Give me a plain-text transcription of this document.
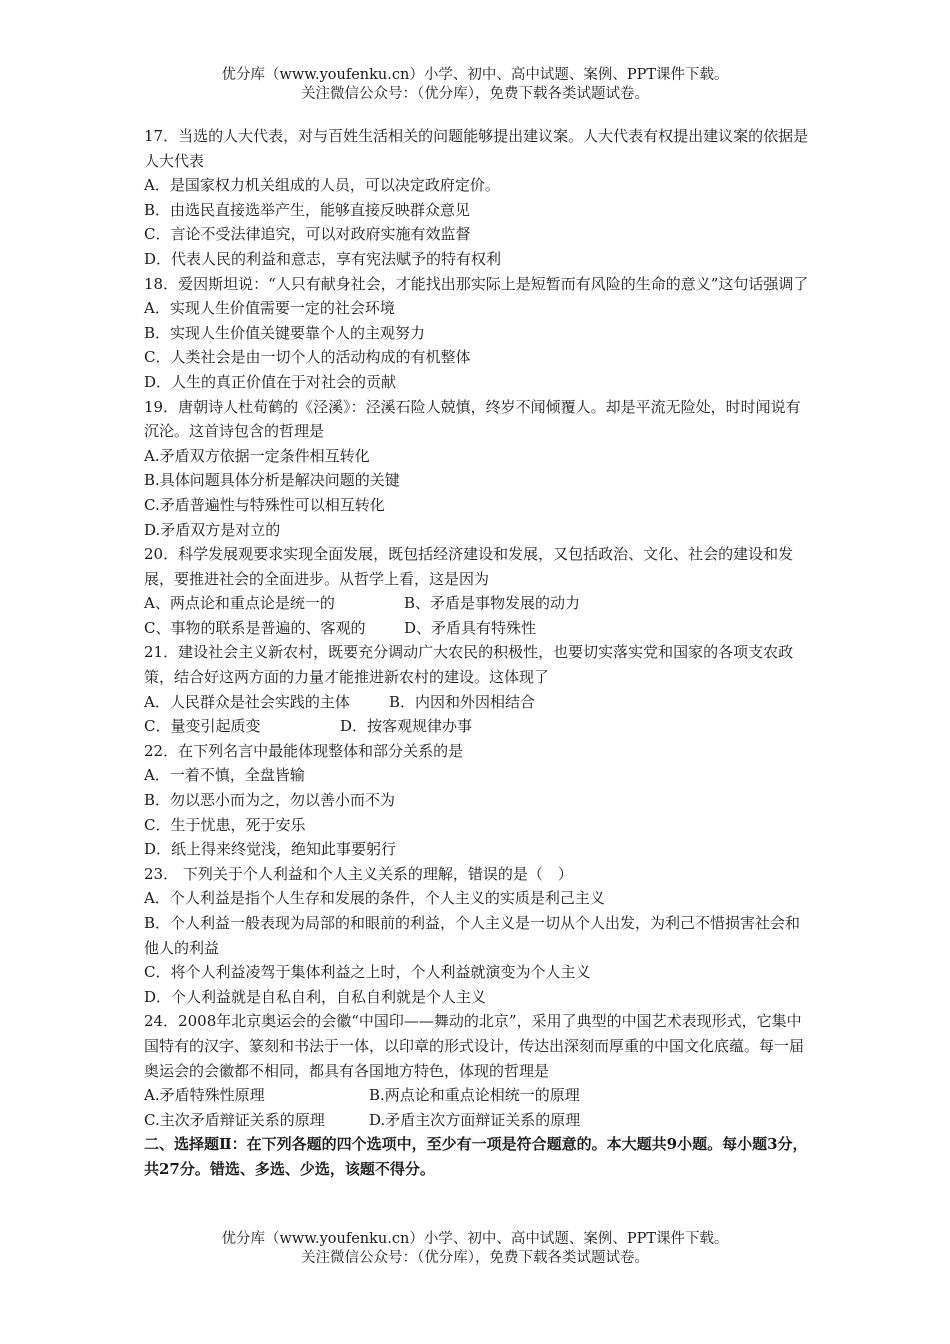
优分库（www.youfenku.cn）小学、初中、高中试题、案例、PPT课件下载。
关注微信公众号：（优分库），免费下载各类试题试卷。
17．当选的人大代表，对与百姓生活相关的问题能够提出建议案。人大代表有权提出建议案的依据是人大代表
A．是国家权力机关组成的人员，可以决定政府定价。
B．由选民直接选举产生，能够直接反映群众意见
C．言论不受法律追究，可以对政府实施有效监督
D．代表人民的利益和意志，享有宪法赋予的特有权利
18．爱因斯坦说：“人只有献身社会，才能找出那实际上是短暂而有风险的生命的意义”这句话强调了
A．实现人生价值需要一定的社会环境
B．实现人生价值关键要靠个人的主观努力
C．人类社会是由一切个人的活动构成的有机整体
D．人生的真正价值在于对社会的贡献
19．唐朝诗人杜荀鹤的《泾溪》：泾溪石险人兢慎，终岁不闻倾覆人。却是平流无险处，时时闻说有沉沦。这首诗包含的哲理是
A.矛盾双方依据一定条件相互转化
B.具体问题具体分析是解决问题的关键
C.矛盾普遍性与特殊性可以相互转化
D.矛盾双方是对立的
20．科学发展观要求实现全面发展，既包括经济建设和发展，又包括政治、文化、社会的建设和发展，要推进社会的全面进步。从哲学上看，这是因为
A、两点论和重点论是统一的	B、矛盾是事物发展的动力
C、事物的联系是普遍的、客观的	D、矛盾具有特殊性
21．建设社会主义新农村，既要充分调动广大农民的积极性，也要切实落实党和国家的各项支农政策，结合好这两方面的力量才能推进新农村的建设。这体现了
A．人民群众是社会实践的主体	B．内因和外因相结合
C．量变引起质变	D．按客观规律办事
22．在下列名言中最能体现整体和部分关系的是
A．一着不慎，全盘皆输
B．勿以恶小而为之，勿以善小而不为
C．生于忧患，死于安乐
D．纸上得来终觉浅，绝知此事要躬行
23． 下列关于个人利益和个人主义关系的理解，错误的是（　）
A．个人利益是指个人生存和发展的条件，个人主义的实质是利己主义
B．个人利益一般表现为局部的和眼前的利益，个人主义是一切从个人出发，为利己不惜损害社会和他人的利益
C．将个人利益凌驾于集体利益之上时，个人利益就演变为个人主义
D．个人利益就是自私自利，自私自利就是个人主义
24．2008年北京奥运会的会徽“中国印——舞动的北京”，采用了典型的中国艺术表现形式，它集中国特有的汉字、篆刻和书法于一体，以印章的形式设计，传达出深刻而厚重的中国文化底蕴。每一届奥运会的会徽都不相同，都具有各国地方特色，体现的哲理是
A.矛盾特殊性原理	B.两点论和重点论相统一的原理
C.主次矛盾辩证关系的原理	D.矛盾主次方面辩证关系的原理
二、选择题Ⅱ：在下列各题的四个选项中，至少有一项是符合题意的。本大题共9小题。每小题3分，共27分。错选、多选、少选，该题不得分。
优分库（www.youfenku.cn）小学、初中、高中试题、案例、PPT课件下载。
关注微信公众号：（优分库），免费下载各类试题试卷。
